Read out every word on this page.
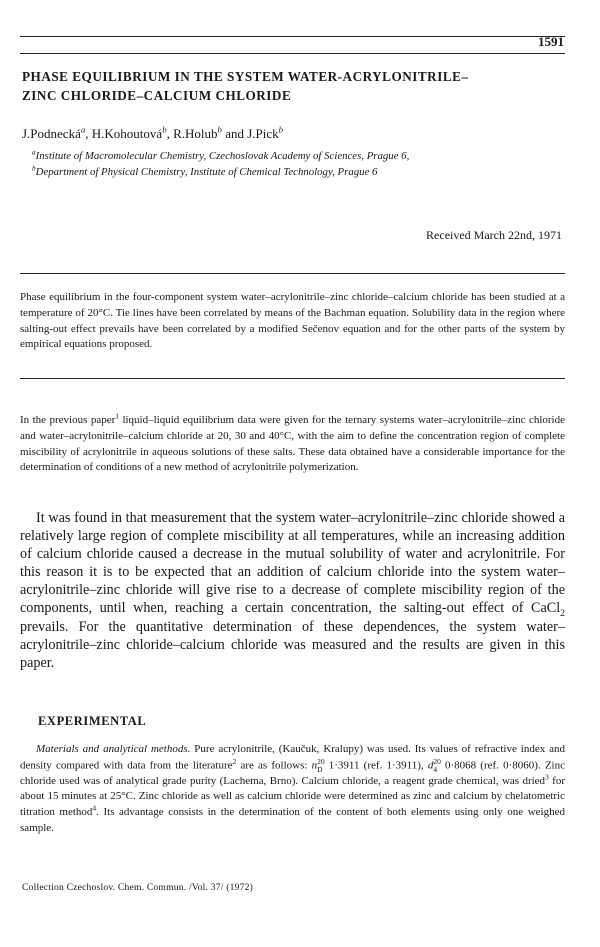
1591
PHASE EQUILIBRIUM IN THE SYSTEM WATER-ACRYLONITRILE–
ZINC CHLORIDE–CALCIUM CHLORIDE
J.Podnecká$^a$, H.Kohoutová$^b$, R.Holub$^b$ and J.Pick$^b$
$^a$Institute of Macromolecular Chemistry, Czechoslovak Academy of Sciences, Prague 6,
$^b$Department of Physical Chemistry, Institute of Chemical Technology, Prague 6
Received March 22nd, 1971
Phase equilibrium in the four-component system water–acrylonitrile–zinc chloride–calcium chloride has been studied at a temperature of 20°C. Tie lines have been correlated by means of the Bachman equation. Solubility data in the region where salting-out effect prevails have been correlated by a modified Sečenov equation and for the other parts of the system by empirical equations proposed.
In the previous paper$^1$ liquid–liquid equilibrium data were given for the ternary systems water–acrylonitrile–zinc chloride and water–acrylonitrile–calcium chloride at 20, 30 and 40°C, with the aim to define the concentration region of complete miscibility of acrylonitrile in aqueous solutions of these salts. These data obtained have a considerable importance for the determination of conditions of a new method of acrylonitrile polymerization.
It was found in that measurement that the system water–acrylonitrile–zinc chloride showed a relatively large region of complete miscibility at all temperatures, while an increasing addition of calcium chloride caused a decrease in the mutual solubility of water and acrylonitrile. For this reason it is to be expected that an addition of calcium chloride into the system water–acrylonitrile–zinc chloride will give rise to a decrease of complete miscibility region of the components, until when, reaching a certain concentration, the salting-out effect of CaCl$_2$ prevails. For the quantitative determination of these dependences, the system water–acrylonitrile–zinc chloride–calcium chloride was measured and the results are given in this paper.
EXPERIMENTAL
Materials and analytical methods. Pure acrylonitrile, (Kaučuk, Kralupy) was used. Its values of refractive index and density compared with data from the literature$^2$ are as follows: n 20
D 1·3911 (ref. 1·3911), d 20
4 0·8068 (ref. 0·8060). Zinc chloride used was of analytical grade purity (Lachema, Brno). Calcium chloride, a reagent grade chemical, was dried$^3$ for about 15 minutes at 25°C. Zinc chloride as well as calcium chloride were determined as zinc and calcium by chelatometric titration method$^4$. Its advantage consists in the determination of the content of both elements using only one weighed sample.
Collection Czechoslov. Chem. Commun. /Vol. 37/ (1972)
